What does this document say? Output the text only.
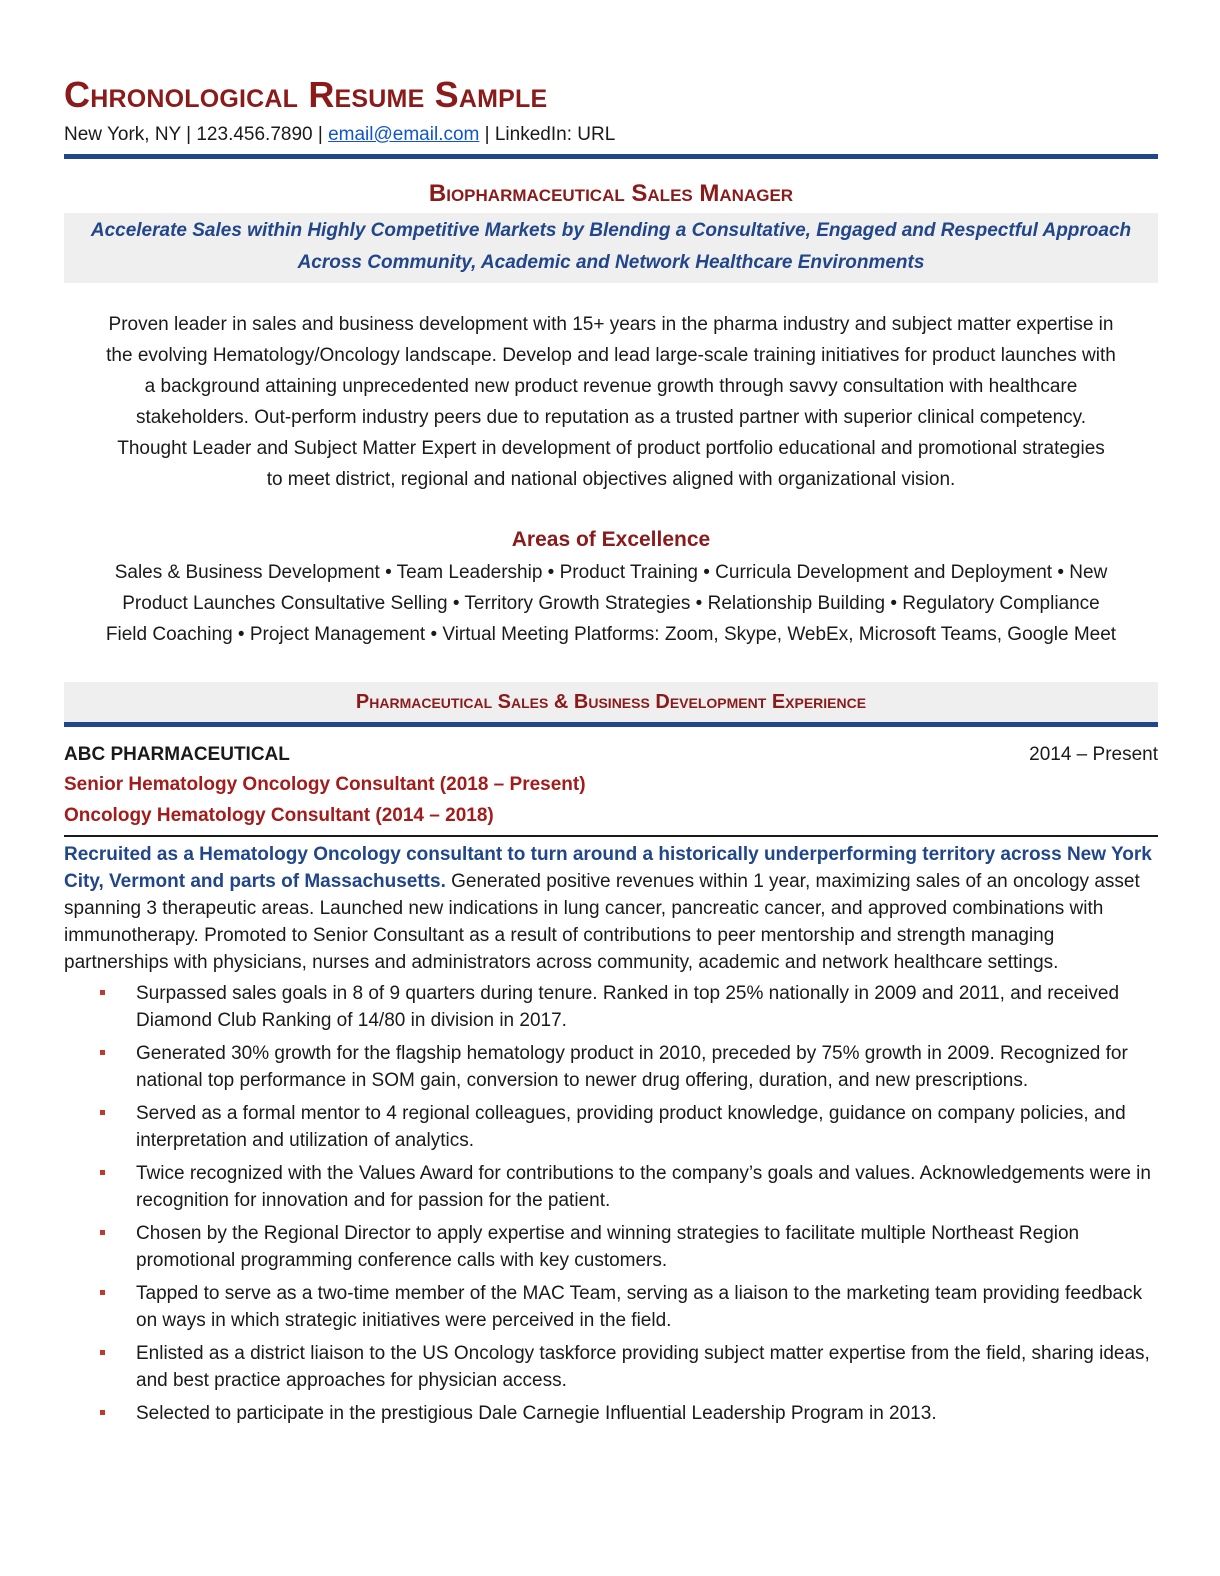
Chronological Resume Sample
New York, NY | 123.456.7890 | email@email.com | LinkedIn: URL
Biopharmaceutical Sales Manager
Accelerate Sales within Highly Competitive Markets by Blending a Consultative, Engaged and Respectful Approach
Across Community, Academic and Network Healthcare Environments
Proven leader in sales and business development with 15+ years in the pharma industry and subject matter expertise in
the evolving Hematology/Oncology landscape. Develop and lead large-scale training initiatives for product launches with
a background attaining unprecedented new product revenue growth through savvy consultation with healthcare
stakeholders. Out-perform industry peers due to reputation as a trusted partner with superior clinical competency.
Thought Leader and Subject Matter Expert in development of product portfolio educational and promotional strategies
to meet district, regional and national objectives aligned with organizational vision.
Areas of Excellence
Sales & Business Development • Team Leadership • Product Training • Curricula Development and Deployment • New
Product Launches Consultative Selling • Territory Growth Strategies • Relationship Building • Regulatory Compliance
Field Coaching • Project Management • Virtual Meeting Platforms: Zoom, Skype, WebEx, Microsoft Teams, Google Meet
Pharmaceutical Sales & Business Development Experience
ABC PHARMACEUTICAL	2014 – Present
Senior Hematology Oncology Consultant (2018 – Present)
Oncology Hematology Consultant (2014 – 2018)
Recruited as a Hematology Oncology consultant to turn around a historically underperforming territory across New York City, Vermont and parts of Massachusetts. Generated positive revenues within 1 year, maximizing sales of an oncology asset spanning 3 therapeutic areas. Launched new indications in lung cancer, pancreatic cancer, and approved combinations with immunotherapy. Promoted to Senior Consultant as a result of contributions to peer mentorship and strength managing partnerships with physicians, nurses and administrators across community, academic and network healthcare settings.
Surpassed sales goals in 8 of 9 quarters during tenure. Ranked in top 25% nationally in 2009 and 2011, and received Diamond Club Ranking of 14/80 in division in 2017.
Generated 30% growth for the flagship hematology product in 2010, preceded by 75% growth in 2009. Recognized for national top performance in SOM gain, conversion to newer drug offering, duration, and new prescriptions.
Served as a formal mentor to 4 regional colleagues, providing product knowledge, guidance on company policies, and interpretation and utilization of analytics.
Twice recognized with the Values Award for contributions to the company’s goals and values. Acknowledgements were in recognition for innovation and for passion for the patient.
Chosen by the Regional Director to apply expertise and winning strategies to facilitate multiple Northeast Region promotional programming conference calls with key customers.
Tapped to serve as a two-time member of the MAC Team, serving as a liaison to the marketing team providing feedback on ways in which strategic initiatives were perceived in the field.
Enlisted as a district liaison to the US Oncology taskforce providing subject matter expertise from the field, sharing ideas, and best practice approaches for physician access.
Selected to participate in the prestigious Dale Carnegie Influential Leadership Program in 2013.
